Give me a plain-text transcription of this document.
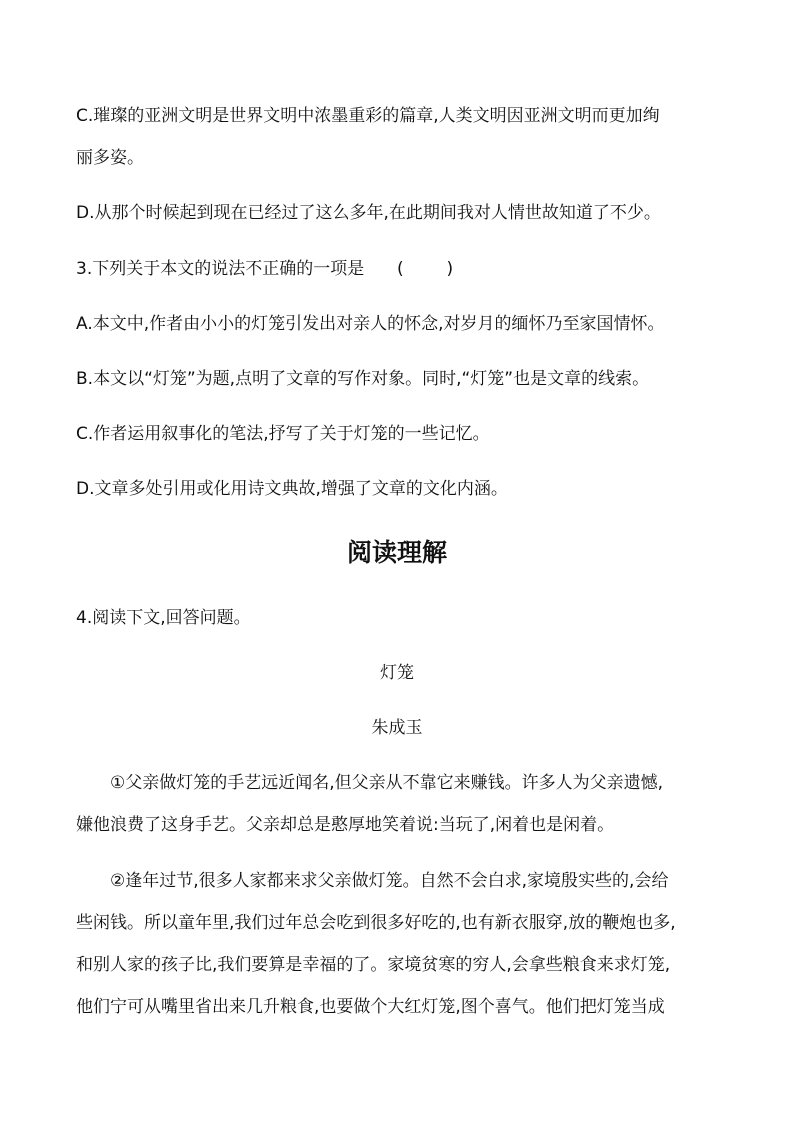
C.璀璨的亚洲文明是世界文明中浓墨重彩的篇章,人类文明因亚洲文明而更加绚
丽多姿。
D.从那个时候起到现在已经过了这么多年,在此期间我对人情世故知道了不少。
3.下列关于本文的说法不正确的一项是 (	)
A.本文中,作者由小小的灯笼引发出对亲人的怀念,对岁月的缅怀乃至家国情怀。
B.本文以“灯笼”为题,点明了文章的写作对象。同时,“灯笼”也是文章的线索。
C.作者运用叙事化的笔法,抒写了关于灯笼的一些记忆。
D.文章多处引用或化用诗文典故,增强了文章的文化内涵。
阅读理解
4.阅读下文,回答问题。
灯笼
朱成玉
①父亲做灯笼的手艺远近闻名,但父亲从不靠它来赚钱。许多人为父亲遗憾,
嫌他浪费了这身手艺。父亲却总是憨厚地笑着说:当玩了,闲着也是闲着。
②逢年过节,很多人家都来求父亲做灯笼。自然不会白求,家境殷实些的,会给
些闲钱。所以童年里,我们过年总会吃到很多好吃的,也有新衣服穿,放的鞭炮也多,
和别人家的孩子比,我们要算是幸福的了。家境贫寒的穷人,会拿些粮食来求灯笼,
他们宁可从嘴里省出来几升粮食,也要做个大红灯笼,图个喜气。他们把灯笼当成
